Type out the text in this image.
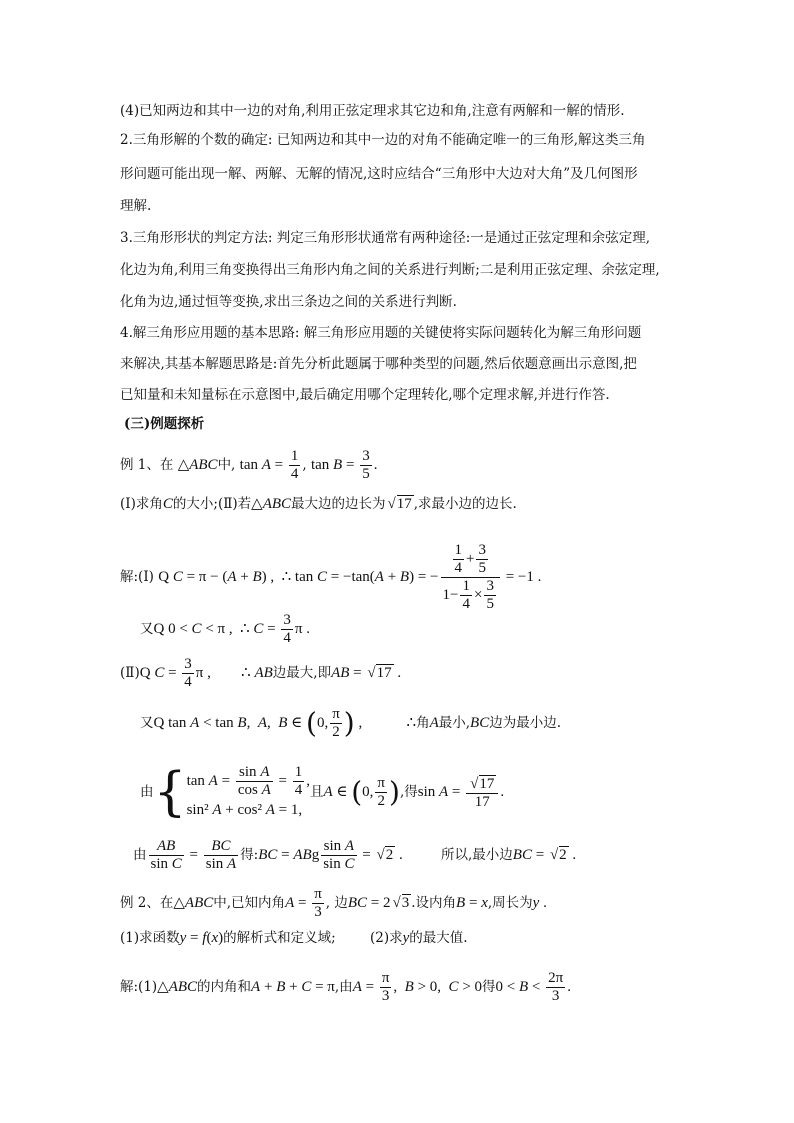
(4)已知两边和其中一边的对角,利用正弦定理求其它边和角,注意有两解和一解的情形.
2.三角形解的个数的确定: 已知两边和其中一边的对角不能确定唯一的三角形,解这类三角
形问题可能出现一解、两解、无解的情况,这时应结合“三角形中大边对大角”及几何图形
理解.
3.三角形形状的判定方法: 判定三角形形状通常有两种途径:一是通过正弦定理和余弦定理,
化边为角,利用三角变换得出三角形内角之间的关系进行判断;二是利用正弦定理、余弦定理,
化角为边,通过恒等变换,求出三条边之间的关系进行判断.
4.解三角形应用题的基本思路: 解三角形应用题的关键使将实际问题转化为解三角形问题
来解决,其基本解题思路是:首先分析此题属于哪种类型的问题,然后依题意画出示意图,把
已知量和未知量标在示意图中,最后确定用哪个定理转化,哪个定理求解,并进行作答.
(三)例题探析
例 1、在 △ABC中, $\tan A = \frac{1}{4}$ , $\tan B = \frac{3}{5}$ .
(Ⅰ)求角C的大小;(Ⅱ)若△ABC最大边的边长为 √ 17 ,求最小边的边长.
解:(Ⅰ) Q C = π − (A + B) ,  ∴ tan C = −tan(A + B) = − $\frac{\frac{1}{4} + \frac{3}{5}}{1- \frac{1}{4} \times \frac{3}{5}} = -1$ .
又Q 0 < C < π ,  ∴ $C = \frac{3}{4}$ π .
(Ⅱ)Q $C = \frac{3}{4}$ π , ∴ AB边最大,即AB = √ 17 .
又Q tan A < tan B,  A,  B ∈ (0, $\frac{\pi}{2}$ ) ,	∴角A最小,BC边为最小边.
由{ $\tan A = \frac{\text{sin A}}{\text{cos A}} = \frac{1}{4}$ ,
sin² A + cos² A = 1,
且A ∈ (0, $\frac{\pi}{2}$ ),得sin A = √ $\frac{17}{17}$ .
由 $\frac{AB}{\text{sin C}} = \frac{BC}{\text{sin A}}$ 得:BC = ABg $\frac{\text{sin A}}{\text{sin C}}$ = √ 2 .	所以,最小边BC = √ 2 .
例 2、在△ABC中,已知内角$A = \frac{\pi}{3}$ , 边BC = 2 √ 3 .设内角B = x,周长为y .
(1)求函数y = f(x)的解析式和定义域;	(2)求y的最大值.
解:(1)△ABC的内角和A + B + C = π,由$A = \frac{\pi}{3}$ ,  B > 0,  C > 0得$0 < B < \frac{2\pi}{3}$ .
